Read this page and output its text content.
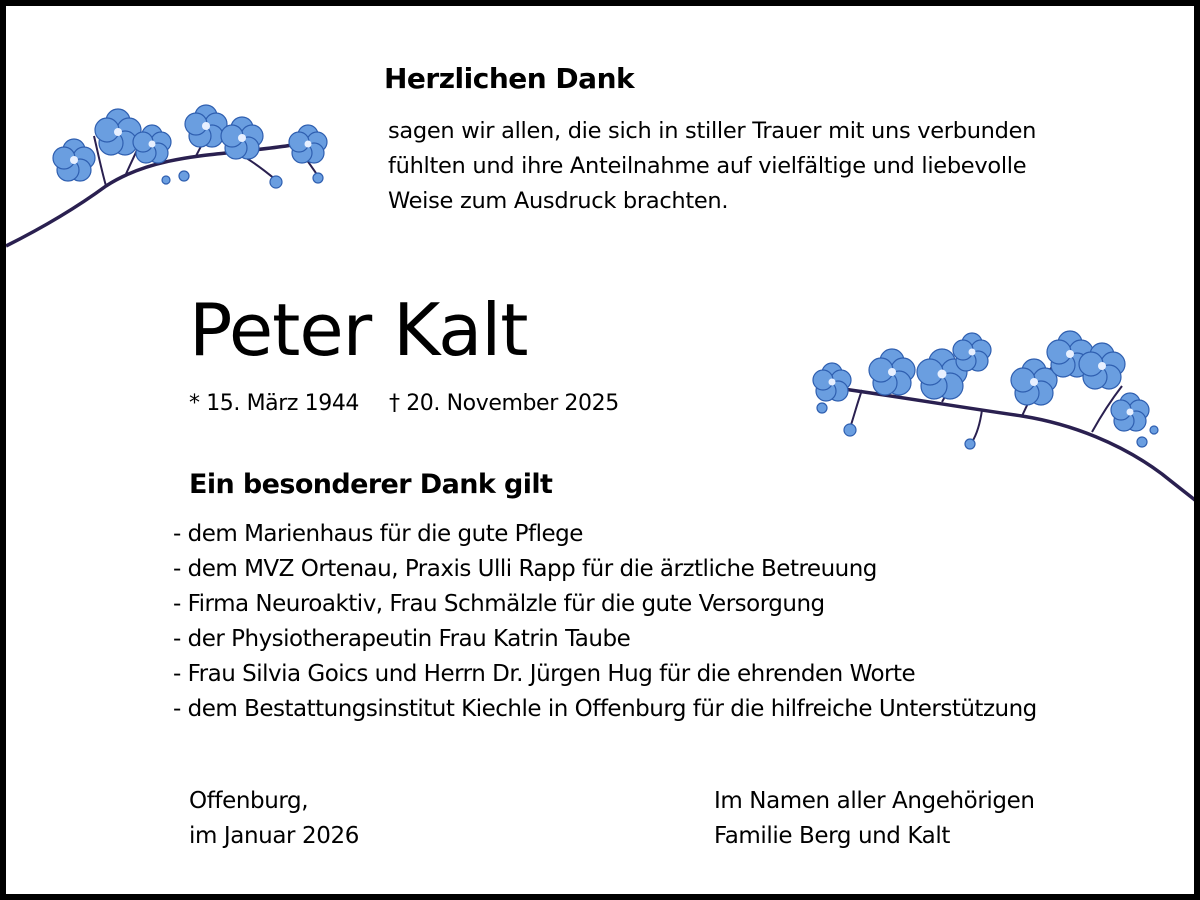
Herzlichen Dank
sagen wir allen, die sich in stiller Trauer mit uns verbunden
fühlten und ihre Anteilnahme auf vielfältige und liebevolle
Weise zum Ausdruck brachten.
Peter Kalt
* 15. März 1944 † 20. November 2025
Ein besonderer Dank gilt
- dem Marienhaus für die gute Pflege
- dem MVZ Ortenau, Praxis Ulli Rapp für die ärztliche Betreuung
- Firma Neuroaktiv, Frau Schmälzle für die gute Versorgung
- der Physiotherapeutin Frau Katrin Taube
- Frau Silvia Goics und Herrn Dr. Jürgen Hug für die ehrenden Worte
- dem Bestattungsinstitut Kiechle in Offenburg für die hilfreiche Unterstützung
Offenburg,
im Januar 2026
Im Namen aller Angehörigen
Familie Berg und Kalt
